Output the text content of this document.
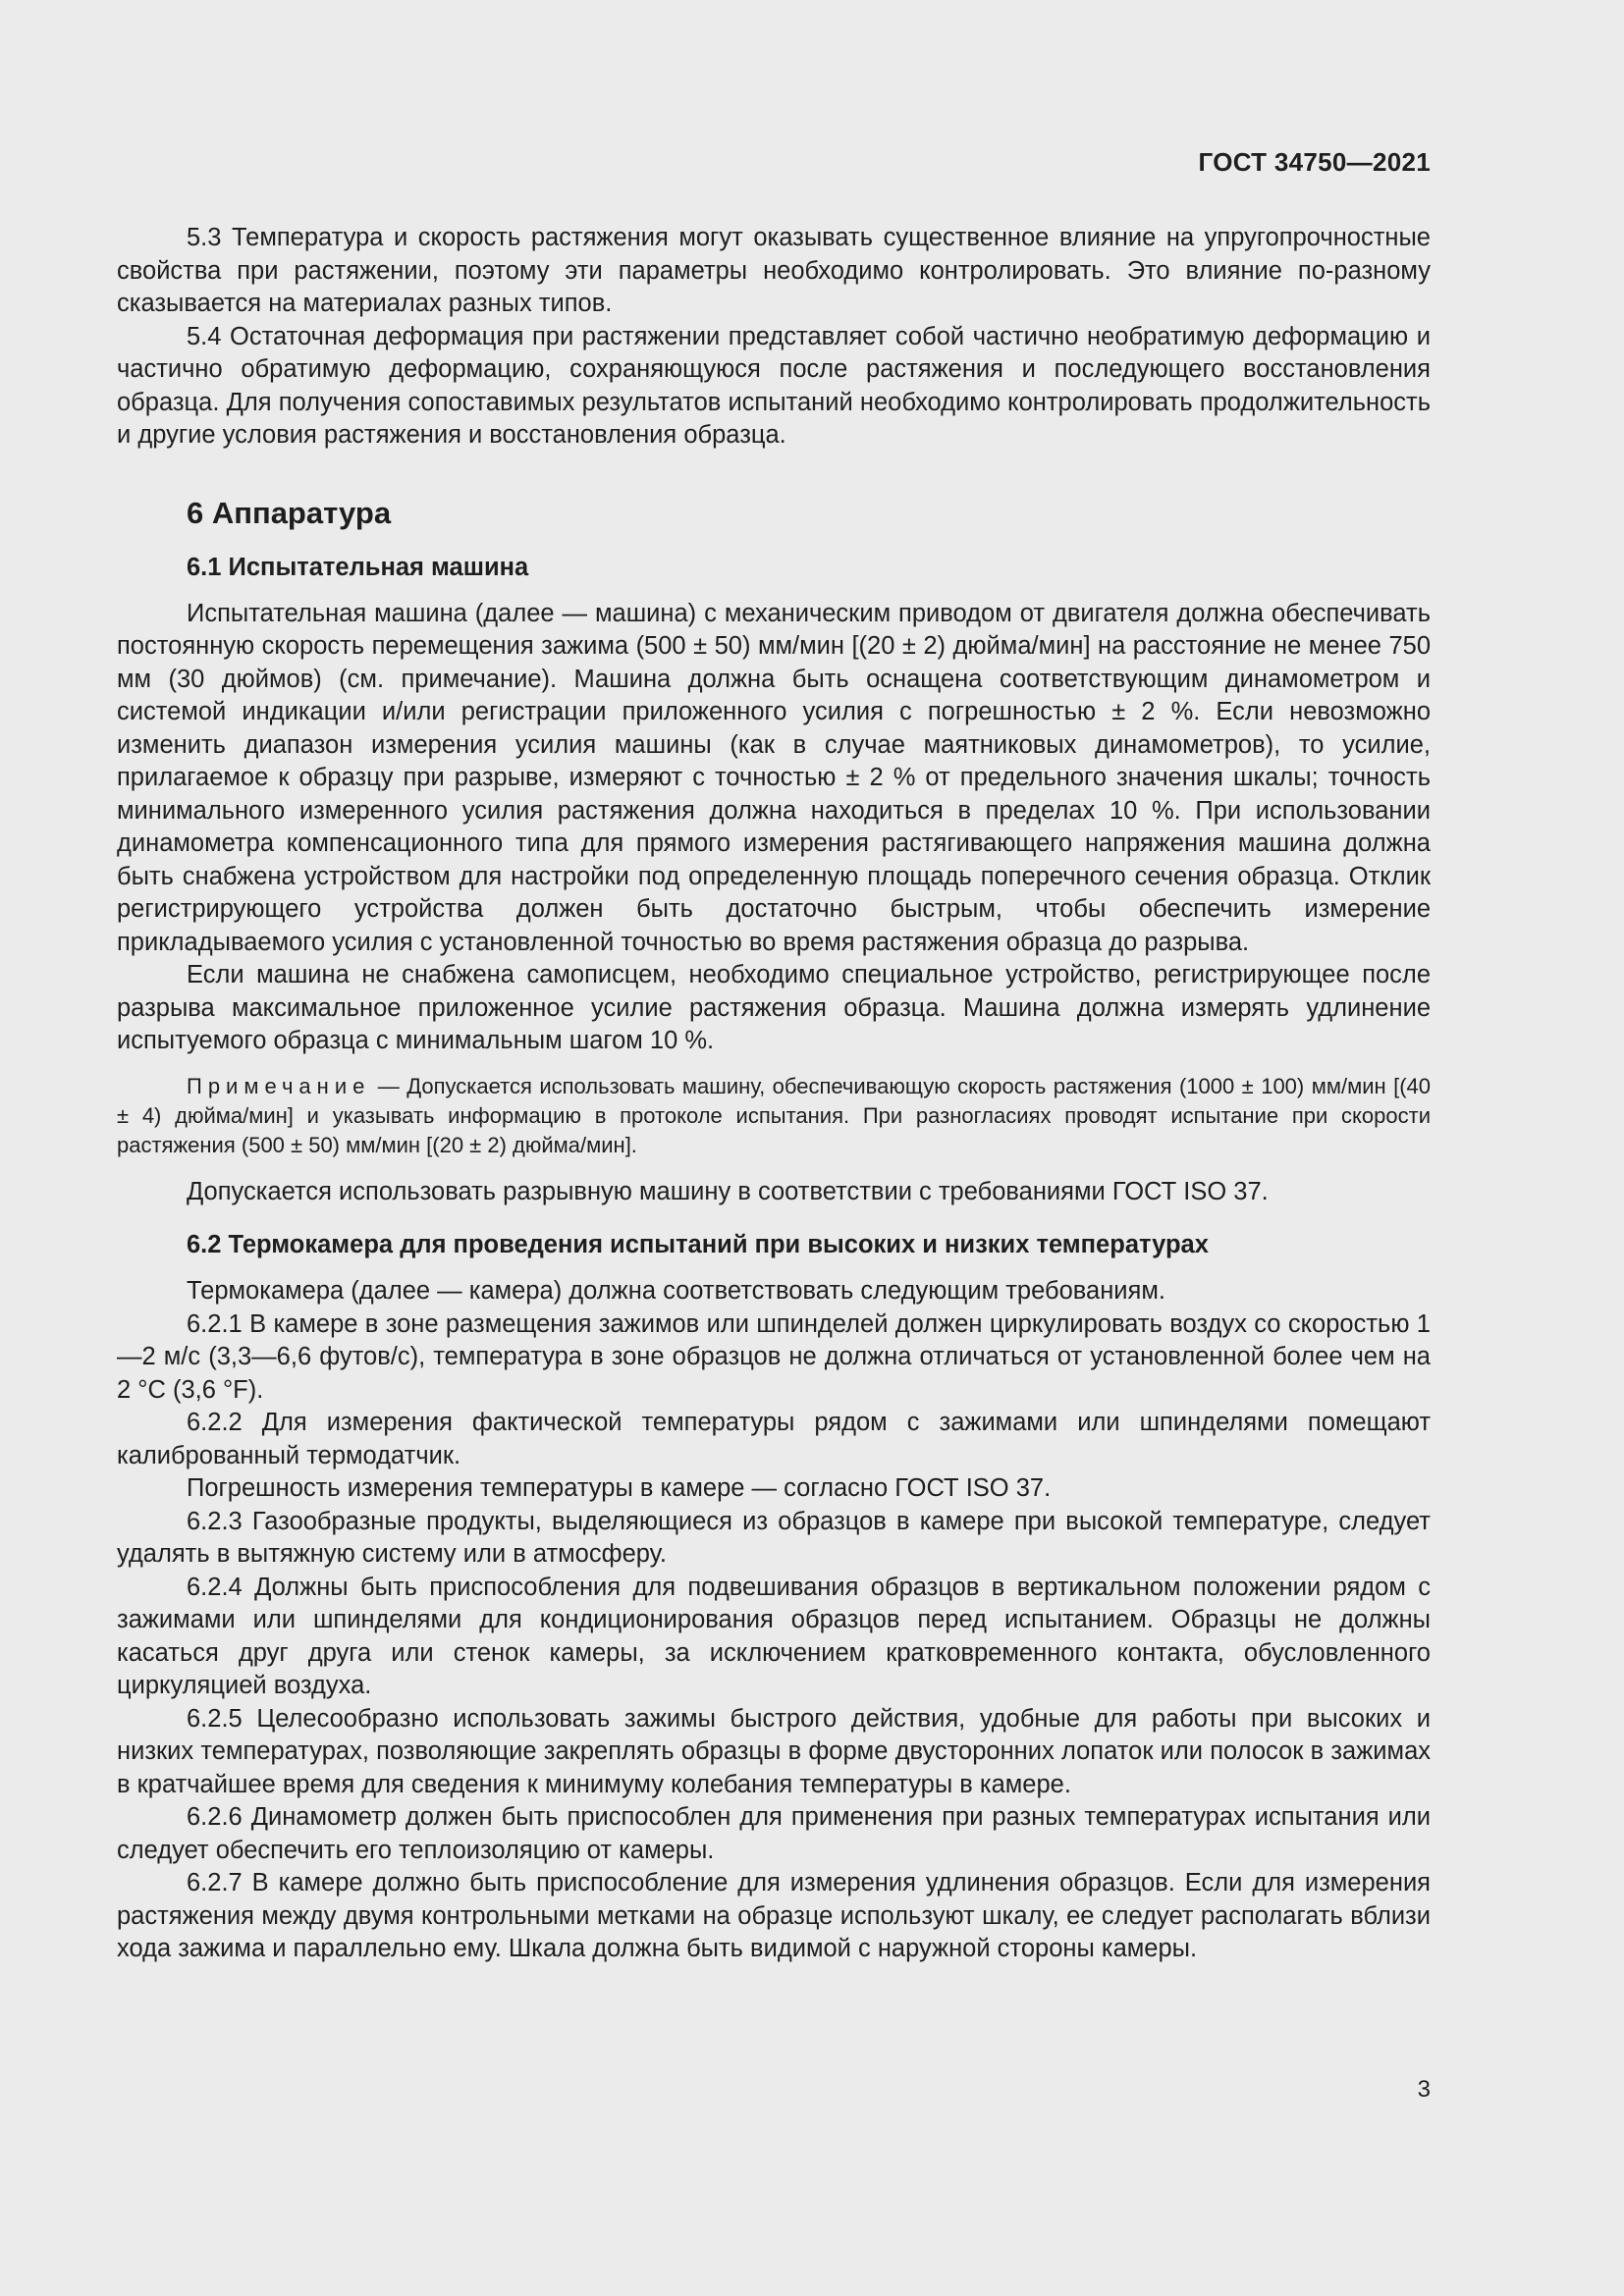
ГОСТ 34750—2021

5.3 Температура и скорость растяжения могут оказывать существенное влияние на упругопрочностные свойства при растяжении, поэтому эти параметры необходимо контролировать. Это влияние по-разному сказывается на материалах разных типов.

5.4 Остаточная деформация при растяжении представляет собой частично необратимую деформацию и частично обратимую деформацию, сохраняющуюся после растяжения и последующего восстановления образца. Для получения сопоставимых результатов испытаний необходимо контролировать продолжительность и другие условия растяжения и восстановления образца.

6 Аппаратура
6.1 Испытательная машина

Испытательная машина (далее — машина) с механическим приводом от двигателя должна обеспечивать постоянную скорость перемещения зажима (500 ± 50) мм/мин [(20 ± 2) дюйма/мин] на расстояние не менее 750 мм (30 дюймов) (см. примечание). Машина должна быть оснащена соответствующим динамометром и системой индикации и/или регистрации приложенного усилия с погрешностью ± 2 %. Если невозможно изменить диапазон измерения усилия машины (как в случае маятниковых динамометров), то усилие, прилагаемое к образцу при разрыве, измеряют с точностью ± 2 % от предельного значения шкалы; точность минимального измеренного усилия растяжения должна находиться в пределах 10 %. При использовании динамометра компенсационного типа для прямого измерения растягивающего напряжения машина должна быть снабжена устройством для настройки под определенную площадь поперечного сечения образца. Отклик регистрирующего устройства должен быть достаточно быстрым, чтобы обеспечить измерение прикладываемого усилия с установленной точностью во время растяжения образца до разрыва.

Если машина не снабжена самописцем, необходимо специальное устройство, регистрирующее после разрыва максимальное приложенное усилие растяжения образца. Машина должна измерять удлинение испытуемого образца с минимальным шагом 10 %.

Примечание — Допускается использовать машину, обеспечивающую скорость растяжения (1000 ± 100) мм/мин [(40 ± 4) дюйма/мин] и указывать информацию в протоколе испытания. При разногласиях проводят испытание при скорости растяжения (500 ± 50) мм/мин [(20 ± 2) дюйма/мин].

Допускается использовать разрывную машину в соответствии с требованиями ГОСТ ISO 37.

6.2 Термокамера для проведения испытаний при высоких и низких температурах

Термокамера (далее — камера) должна соответствовать следующим требованиям.

6.2.1 В камере в зоне размещения зажимов или шпинделей должен циркулировать воздух со скоростью 1—2 м/с (3,3—6,6 футов/с), температура в зоне образцов не должна отличаться от установленной более чем на 2 °C (3,6 °F).

6.2.2 Для измерения фактической температуры рядом с зажимами или шпинделями помещают калиброванный термодатчик.

Погрешность измерения температуры в камере — согласно ГОСТ ISO 37.

6.2.3 Газообразные продукты, выделяющиеся из образцов в камере при высокой температуре, следует удалять в вытяжную систему или в атмосферу.

6.2.4 Должны быть приспособления для подвешивания образцов в вертикальном положении рядом с зажимами или шпинделями для кондиционирования образцов перед испытанием. Образцы не должны касаться друг друга или стенок камеры, за исключением кратковременного контакта, обусловленного циркуляцией воздуха.

6.2.5 Целесообразно использовать зажимы быстрого действия, удобные для работы при высоких и низких температурах, позволяющие закреплять образцы в форме двусторонних лопаток или полосок в зажимах в кратчайшее время для сведения к минимуму колебания температуры в камере.

6.2.6 Динамометр должен быть приспособлен для применения при разных температурах испытания или следует обеспечить его теплоизоляцию от камеры.

6.2.7 В камере должно быть приспособление для измерения удлинения образцов. Если для измерения растяжения между двумя контрольными метками на образце используют шкалу, ее следует располагать вблизи хода зажима и параллельно ему. Шкала должна быть видимой с наружной стороны камеры.

3
